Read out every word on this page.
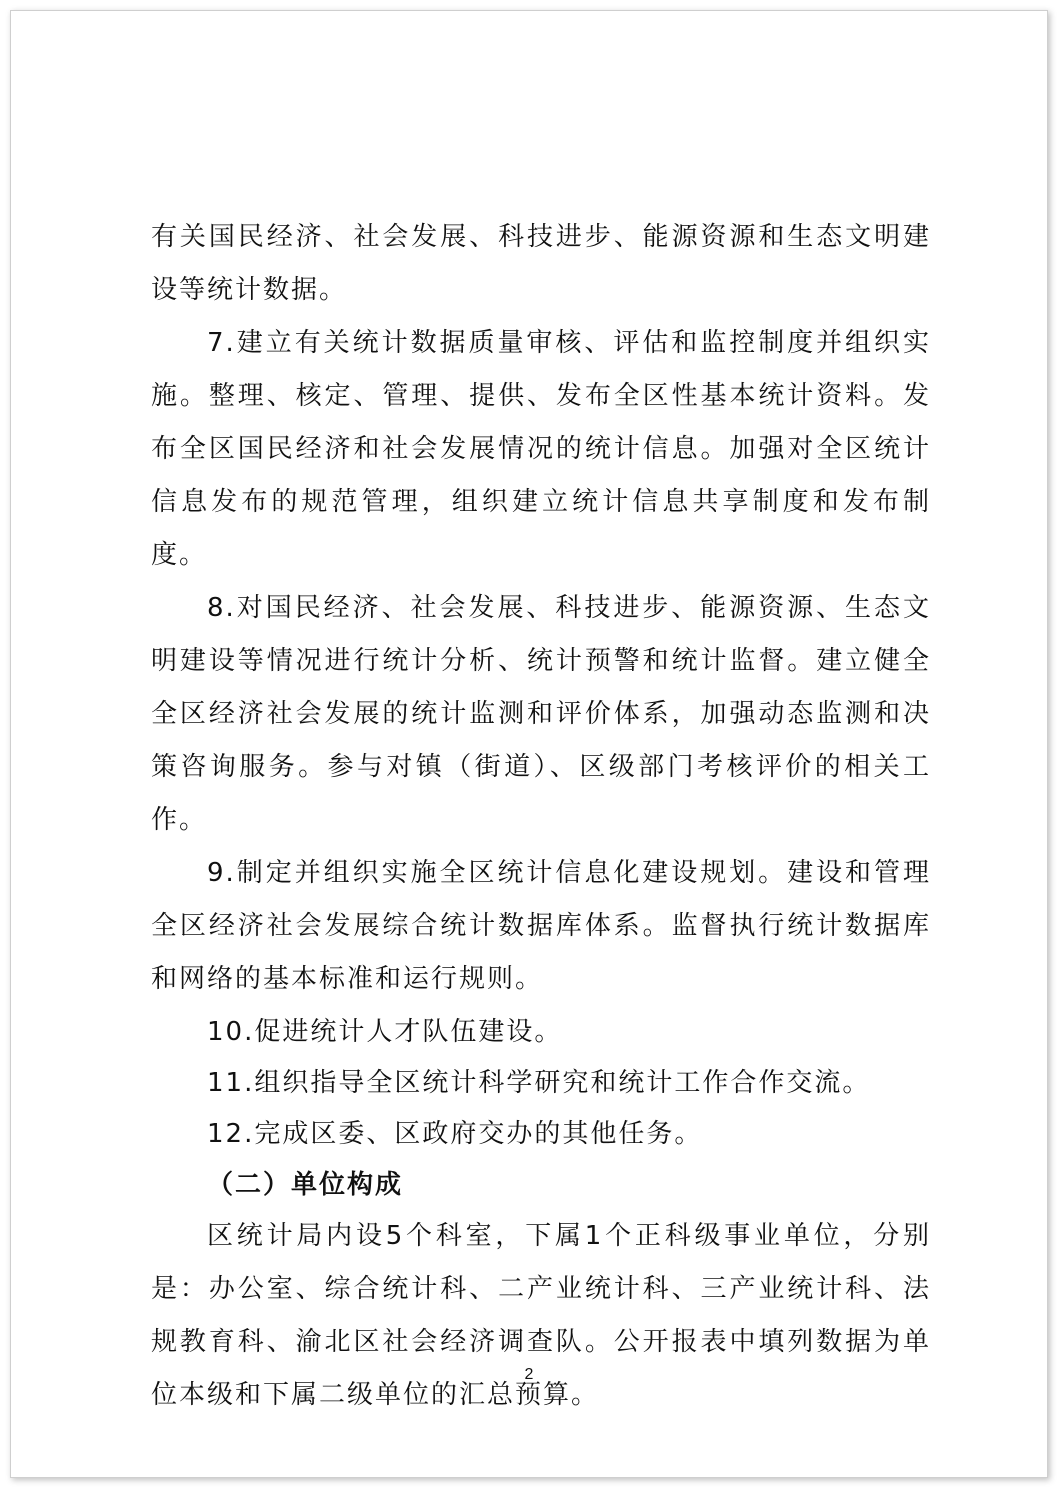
有关国民经济、社会发展、科技进步、能源资源和生态文明建设等统计数据。

7.建立有关统计数据质量审核、评估和监控制度并组织实施。整理、核定、管理、提供、发布全区性基本统计资料。发布全区国民经济和社会发展情况的统计信息。加强对全区统计信息发布的规范管理，组织建立统计信息共享制度和发布制度。

8.对国民经济、社会发展、科技进步、能源资源、生态文明建设等情况进行统计分析、统计预警和统计监督。建立健全全区经济社会发展的统计监测和评价体系，加强动态监测和决策咨询服务。参与对镇（街道）、区级部门考核评价的相关工作。

9.制定并组织实施全区统计信息化建设规划。建设和管理全区经济社会发展综合统计数据库体系。监督执行统计数据库和网络的基本标准和运行规则。

10.促进统计人才队伍建设。

11.组织指导全区统计科学研究和统计工作合作交流。

12.完成区委、区政府交办的其他任务。

（二）单位构成

区统计局内设5个科室，下属1个正科级事业单位，分别是：办公室、综合统计科、二产业统计科、三产业统计科、法规教育科、渝北区社会经济调查队。公开报表中填列数据为单位本级和下属二级单位的汇总预算。

2
